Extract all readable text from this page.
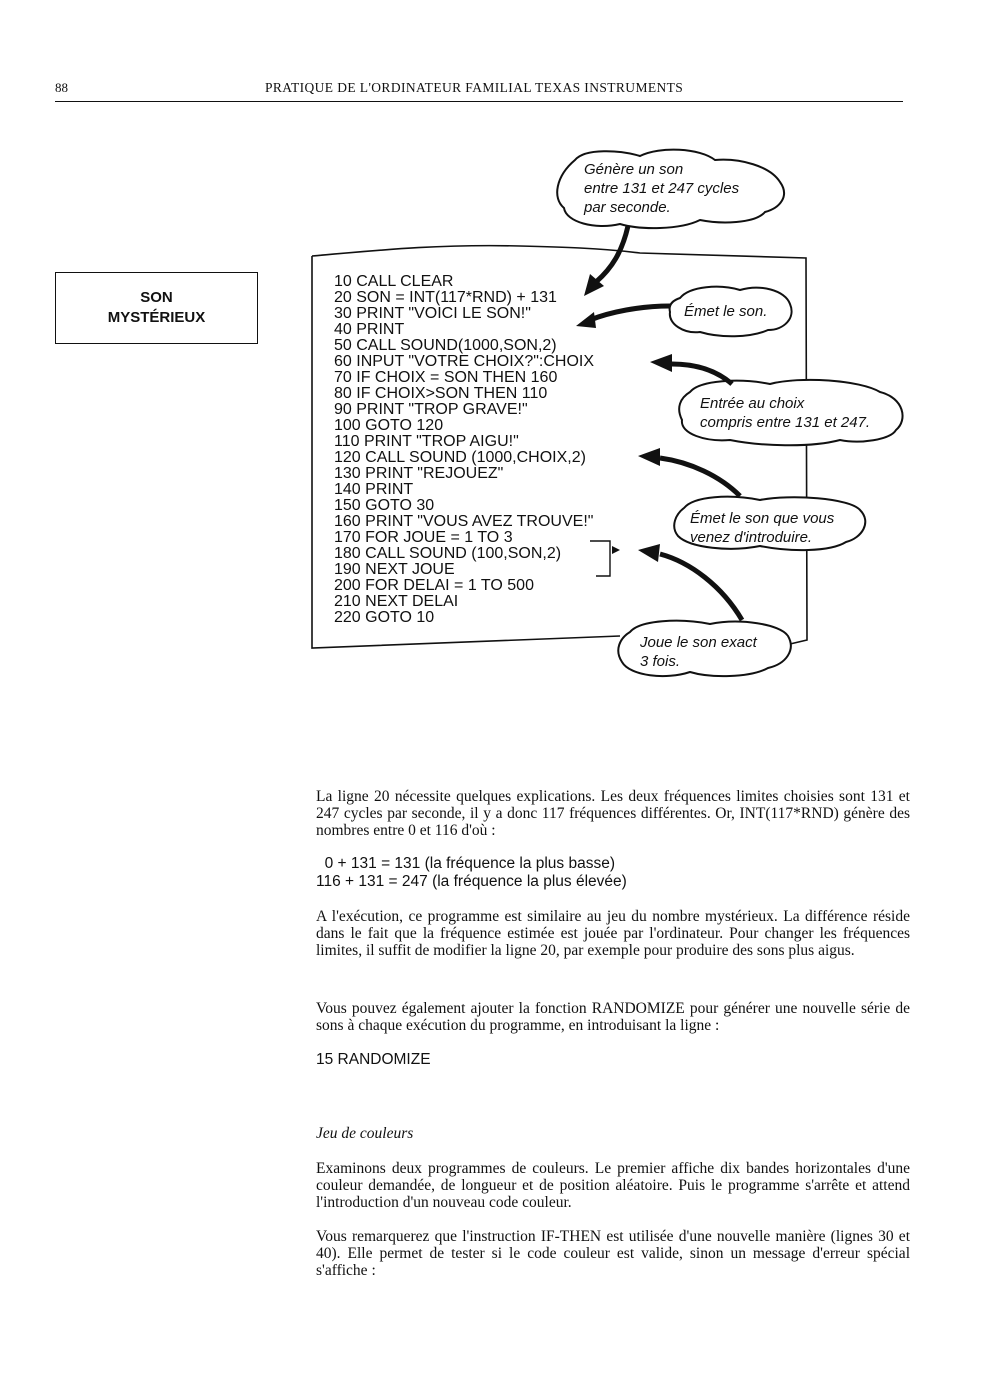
88	PRATIQUE DE L'ORDINATEUR FAMILIAL TEXAS INSTRUMENTS
SON
MYSTÉRIEUX
10 CALL CLEAR
20 SON = INT(117*RND) + 131
30 PRINT "VOICI LE SON!"
40 PRINT
50 CALL SOUND(1000,SON,2)
60 INPUT "VOTRE CHOIX?":CHOIX
70 IF CHOIX = SON THEN 160
80 IF CHOIX>SON THEN 110
90 PRINT "TROP GRAVE!"
100 GOTO 120
110 PRINT "TROP AIGU!"
120 CALL SOUND (1000,CHOIX,2)
130 PRINT "REJOUEZ"
140 PRINT
150 GOTO 30
160 PRINT "VOUS AVEZ TROUVE!"
170 FOR JOUE = 1 TO 3
180 CALL SOUND (100,SON,2)
190 NEXT JOUE
200 FOR DELAI = 1 TO 500
210 NEXT DELAI
220 GOTO 10
Génère un son
entre 131 et 247 cycles
par seconde.
Émet le son.
Entrée au choix
compris entre 131 et 247.
Émet le son que vous
venez d'introduire.
Joue le son exact
3 fois.
La ligne 20 nécessite quelques explications. Les deux fréquences limites choisies sont 131 et 247 cycles par seconde, il y a donc 117 fréquences différentes. Or, INT(117*RND) génère des nombres entre 0 et 116 d'où :
0 + 131 = 131 (la fréquence la plus basse)
116 + 131 = 247 (la fréquence la plus élevée)
A l'exécution, ce programme est similaire au jeu du nombre mystérieux. La différence réside dans le fait que la fréquence estimée est jouée par l'ordinateur. Pour changer les fréquences limites, il suffit de modifier la ligne 20, par exemple pour produire des sons plus aigus.
Vous pouvez également ajouter la fonction RANDOMIZE pour générer une nouvelle série de sons à chaque exécution du programme, en introduisant la ligne :
15 RANDOMIZE
Jeu de couleurs
Examinons deux programmes de couleurs. Le premier affiche dix bandes horizontales d'une couleur demandée, de longueur et de position aléatoire. Puis le programme s'arrête et attend l'introduction d'un nouveau code couleur.
Vous remarquerez que l'instruction IF-THEN est utilisée d'une nouvelle manière (lignes 30 et 40). Elle permet de tester si le code couleur est valide, sinon un message d'erreur spécial s'affiche :
